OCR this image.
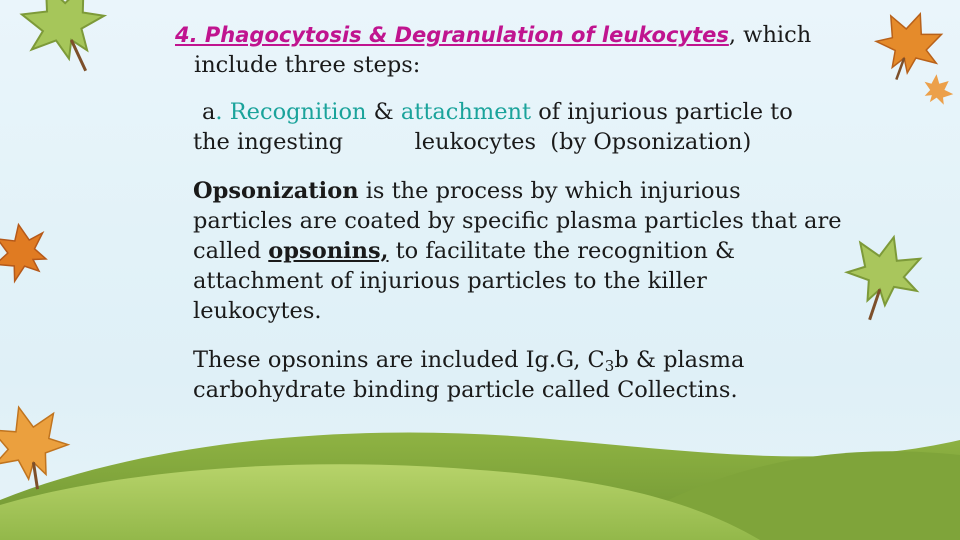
4. Phagocytosis & Degranulation of leukocytes, which
include three steps:
a. Recognition & attachment of injurious particle to
the ingesting          leukocytes  (by Opsonization)
Opsonization is the process by which injurious
particles are coated by specific plasma particles that are
called opsonins, to facilitate the recognition &
attachment of injurious particles to the killer
leukocytes.
These opsonins are included Ig.G, $C_3b$ & plasma
carbohydrate binding particle called Collectins.
